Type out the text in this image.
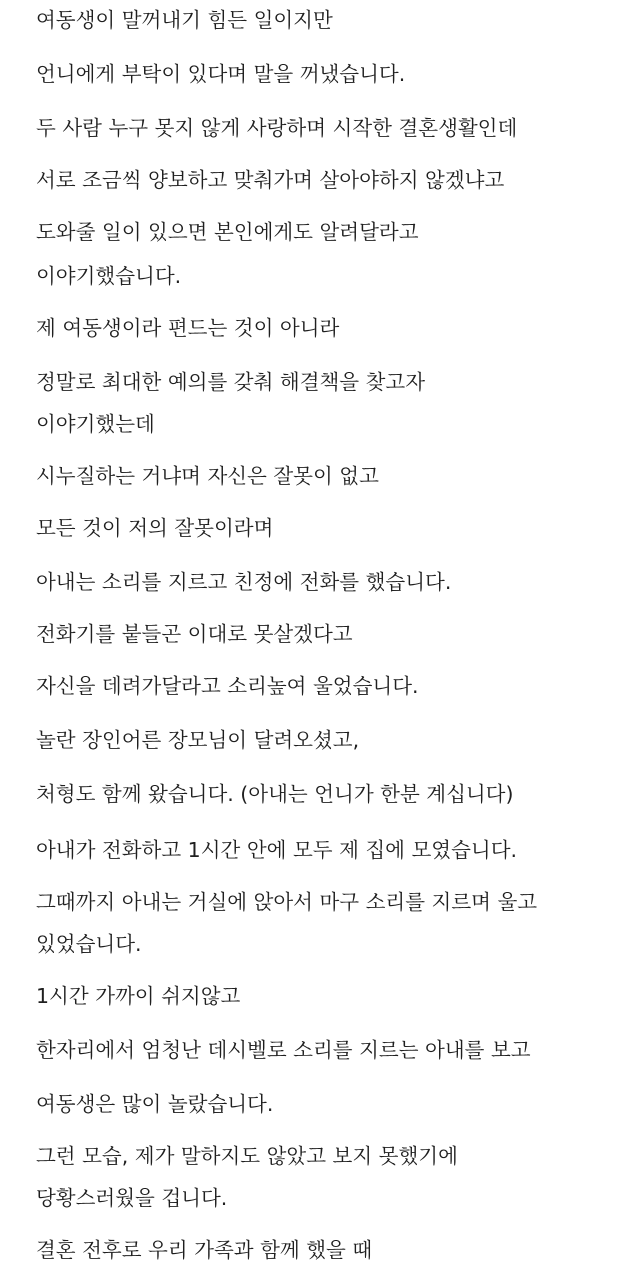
여동생이 말꺼내기 힘든 일이지만
언니에게 부탁이 있다며 말을 꺼냈습니다.
두 사람 누구 못지 않게 사랑하며 시작한 결혼생활인데
서로 조금씩 양보하고 맞춰가며 살아야하지 않겠냐고
도와줄 일이 있으면 본인에게도 알려달라고
이야기했습니다.
제 여동생이라 편드는 것이 아니라
정말로 최대한 예의를 갖춰 해결책을 찾고자
이야기했는데
시누질하는 거냐며 자신은 잘못이 없고
모든 것이 저의 잘못이라며
아내는 소리를 지르고 친정에 전화를 했습니다.
전화기를 붙들곤 이대로 못살겠다고
자신을 데려가달라고 소리높여 울었습니다.
놀란 장인어른 장모님이 달려오셨고,
처형도 함께 왔습니다. (아내는 언니가 한분 계십니다)
아내가 전화하고 1시간 안에 모두 제 집에 모였습니다.
그때까지 아내는 거실에 앉아서 마구 소리를 지르며 울고
있었습니다.
1시간 가까이 쉬지않고
한자리에서 엄청난 데시벨로 소리를 지르는 아내를 보고
여동생은 많이 놀랐습니다.
그런 모습, 제가 말하지도 않았고 보지 못했기에
당황스러웠을 겁니다.
결혼 전후로 우리 가족과 함께 했을 때
